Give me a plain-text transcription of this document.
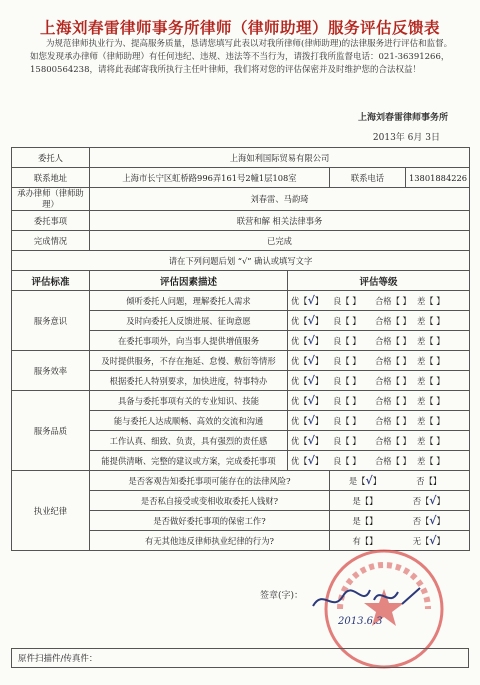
上海刘春雷律师事务所律师（律师助理）服务评估反馈表
为规范律师执业行为、提高服务质量，恳请您填写此表以对我所律师(律师助理)的法律服务进行评估和监督。如您发现承办律师（律师助理）有任何违纪、违规、违法等不当行为，请拨打我所监督电话：021-36391266，15800564238，请将此表邮寄我所执行主任叶律师，我们将对您的评估保密并及时维护您的合法权益！
上海刘春雷律师事务所
2013年 6月 3日
委托人	上海如利国际贸易有限公司			
联系地址	上海市长宁区虹桥路996弄161号2幢1层108室		联系电话	13801884226
承办律师（律师助理）	刘春雷、马韵琦			
委托事项	联营和解 相关法律事务			
完成情况	已完成			
请在下列问题后划 “√” 确认或填写文字				
评估标准	评估因素描述	评估等级		
服务意识	倾听委托人问题，理解委托人需求	优【√】 良【 】 合格【 】 差【 】		
	及时向委托人反馈进展、征询意愿	优【√】 良【 】 合格【 】 差【 】		
	在委托事项外，向当事人提供增值服务	优【√】 良【 】 合格【 】 差【 】		
服务效率	及时提供服务，不存在拖延、怠慢、敷衍等情形	优【√】 良【 】 合格【 】 差【 】		
	根据委托人特别要求，加快进度，特事特办	优【√】 良【 】 合格【 】 差【 】		
服务品质	具备与委托事项有关的专业知识、技能	优【√】 良【 】 合格【 】 差【 】		
	能与委托人达成顺畅、高效的交流和沟通	优【√】 良【 】 合格【 】 差【 】		
	工作认真、细致、负责，具有强烈的责任感	优【√】 良【 】 合格【 】 差【 】		
	能提供清晰、完整的建议或方案，完成委托事项	优【√】 良【 】 合格【 】 差【 】		
执业纪律	是否客观告知委托事项可能存在的法律风险?		是【√】 否【】	
	是否私自接受或变相收取委托人钱财?		是【】 否【√】	
	是否做好委托事项的保密工作?		是【】 否【√】	
	有无其他违反律师执业纪律的行为?		有【】 无【√】	
签章(字)：
2013.6.3
原件扫描件/传真件：
